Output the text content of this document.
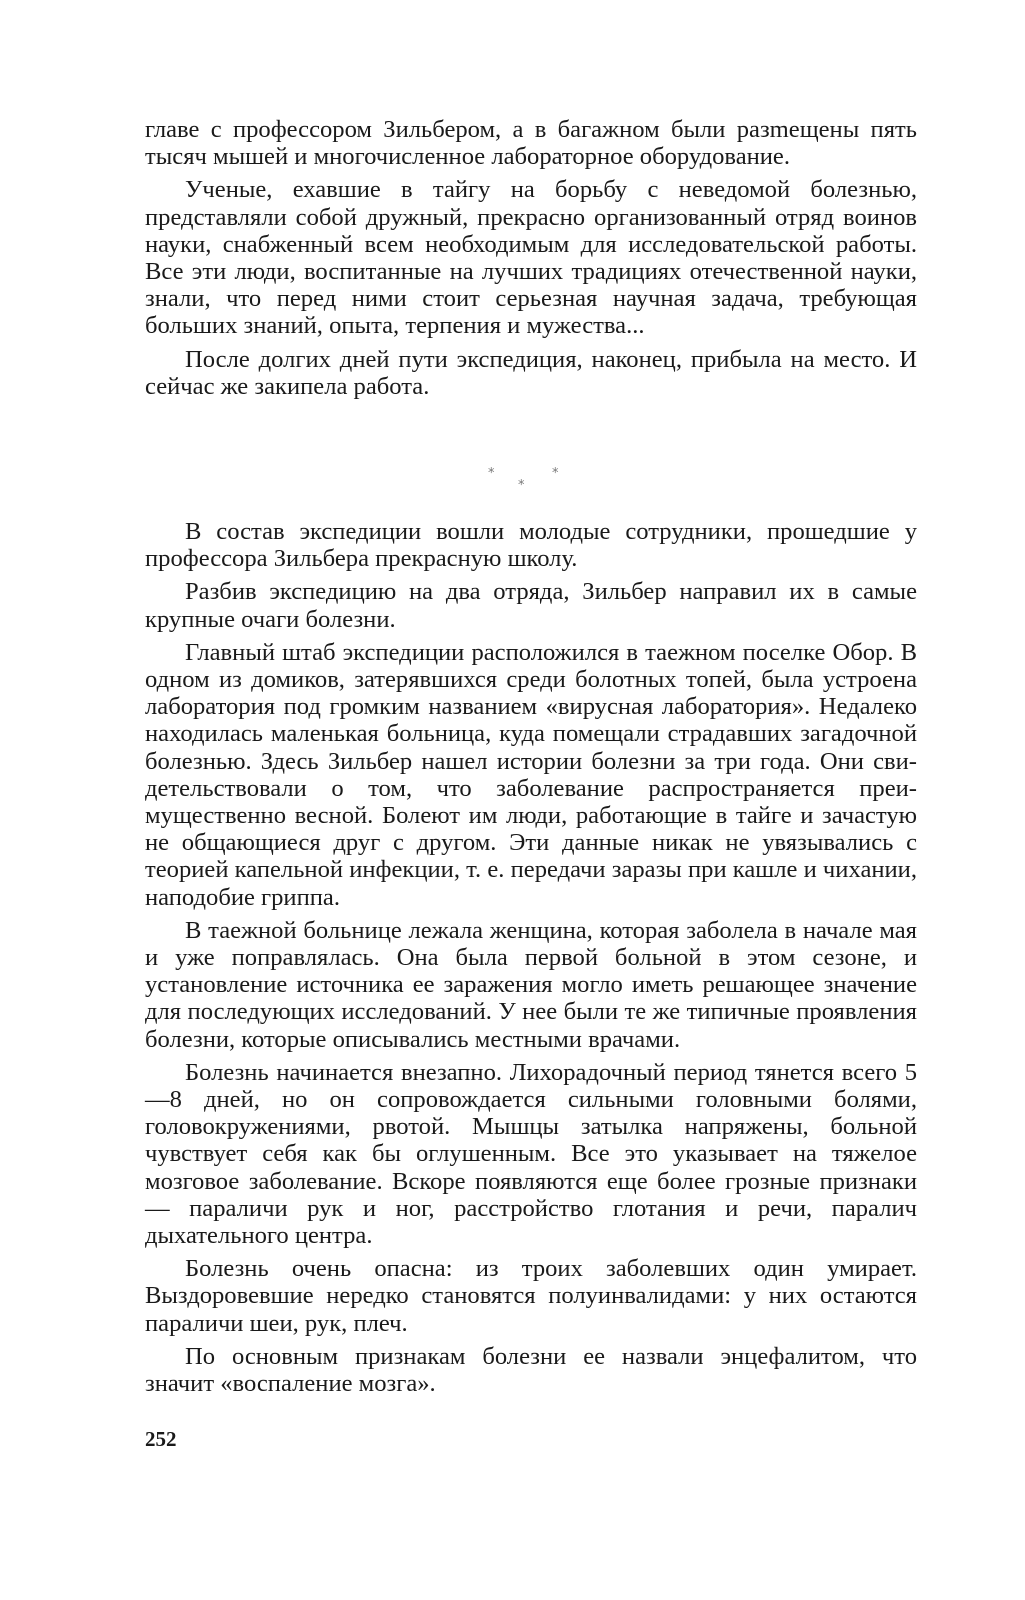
главе с профессором Зильбером, а в багажном были разmещены пять тысяч мышей и многочисленное лабораторное оборудование.

Ученые, ехавшие в тайгу на борьбу с неведомой болезнью, представляли собой дружный, прекрасно организованный отряд воинов науки, снабженный всем необходимым для исследовательской работы. Все эти люди, воспитанные на лучших традициях отечественной науки, знали, что перед ними стоит серьезная научная задача, требующая больших знаний, опыта, терпения и мужества...

После долгих дней пути экспедиция, наконец, прибыла на место. И сейчас же закипела работа.

*
*
*

В состав экспедиции вошли молодые сотрудники, прошедшие у профессора Зильбера прекрасную школу.

Разбив экспедицию на два отряда, Зильбер направил их в самые крупные очаги болезни.

Главный штаб экспедиции расположился в таежном поселке Обор. В одном из домиков, затерявшихся среди болотных топей, была устроена лаборатория под громким названием «вирусная лаборатория». Недалеко находилась маленькая больница, куда помещали страдавших загадочной болезнью. Здесь Зильбер нашел истории болезни за три года. Они свидетельствовали о том, что заболевание распространяется преимущественно весной. Болеют им люди, работающие в тайге и зачастую не общающиеся друг с другом. Эти данные никак не увязывались с теорией капельной инфекции, т. е. передачи заразы при кашле и чихании, наподобие гриппа.

В таежной больнице лежала женщина, которая заболела в начале мая и уже поправлялась. Она была первой больной в этом сезоне, и установление источника ее заражения могло иметь решающее значение для последующих исследований. У нее были те же типичные проявления болезни, которые описывались местными врачами.

Болезнь начинается внезапно. Лихорадочный период тянется всего 5—8 дней, но он сопровождается сильными головными болями, головокружениями, рвотой. Мышцы затылка напряжены, больной чувствует себя как бы оглушенным. Все это указывает на тяжелое мозговое заболевание. Вскоре появляются еще более грозные признаки — параличи рук и ног, расстройство глотания и речи, паралич дыхательного центра.

Болезнь очень опасна: из троих заболевших один умирает. Выздоровевшие нередко становятся полуинвалидами: у них остаются параличи шеи, рук, плеч.

По основным признакам болезни ее назвали энцефалитом, что значит «воспаление мозга».

252
